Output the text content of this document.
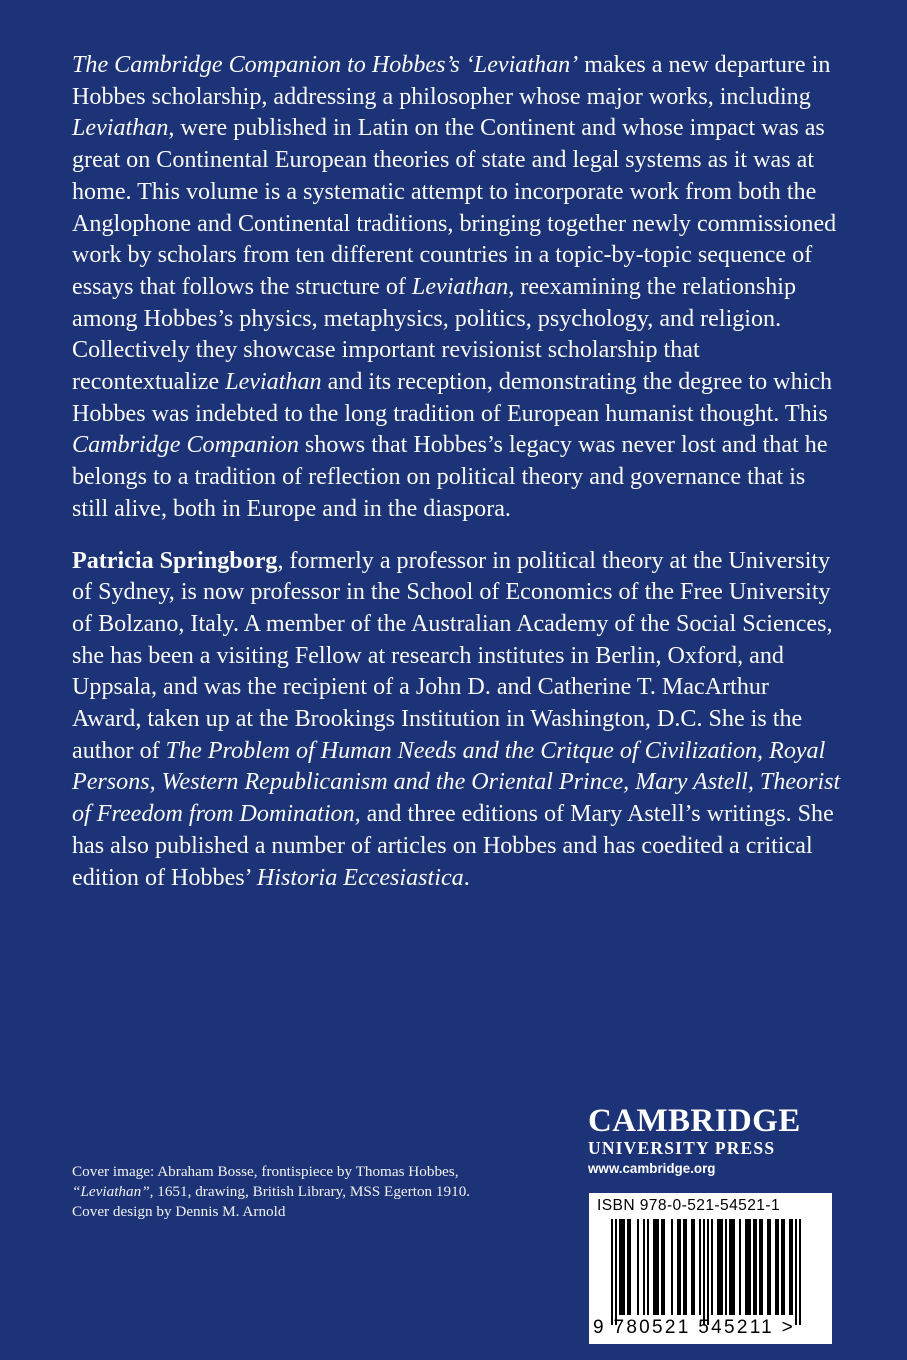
The Cambridge Companion to Hobbes’s ‘Leviathan’ makes a new departure in Hobbes scholarship, addressing a philosopher whose major works, including Leviathan, were published in Latin on the Continent and whose impact was as great on Continental European theories of state and legal systems as it was at home. This volume is a systematic attempt to incorporate work from both the Anglophone and Continental traditions, bringing together newly commissioned work by scholars from ten different countries in a topic-by-topic sequence of essays that follows the structure of Leviathan, reexamining the relationship among Hobbes’s physics, metaphysics, politics, psychology, and religion. Collectively they showcase important revisionist scholarship that recontextualize Leviathan and its reception, demonstrating the degree to which Hobbes was indebted to the long tradition of European humanist thought. This Cambridge Companion shows that Hobbes’s legacy was never lost and that he belongs to a tradition of reflection on political theory and governance that is still alive, both in Europe and in the diaspora.

Patricia Springborg, formerly a professor in political theory at the University of Sydney, is now professor in the School of Economics of the Free University of Bolzano, Italy. A member of the Australian Academy of the Social Sciences, she has been a visiting Fellow at research institutes in Berlin, Oxford, and Uppsala, and was the recipient of a John D. and Catherine T. MacArthur Award, taken up at the Brookings Institution in Washington, D.C. She is the author of The Problem of Human Needs and the Critque of Civilization, Royal Persons, Western Republicanism and the Oriental Prince, Mary Astell, Theorist of Freedom from Domination, and three editions of Mary Astell’s writings. She has also published a number of articles on Hobbes and has coedited a critical edition of Hobbes’ Historia Eccesiastica.

Cover image: Abraham Bosse, frontispiece by Thomas Hobbes, “Leviathan”, 1651, drawing, British Library, MSS Egerton 1910.

Cover design by Dennis M. Arnold

CAMBRIDGE
UNIVERSITY PRESS
www.cambridge.org
ISBN 978-0-521-54521-1
9 780521 545211 >
